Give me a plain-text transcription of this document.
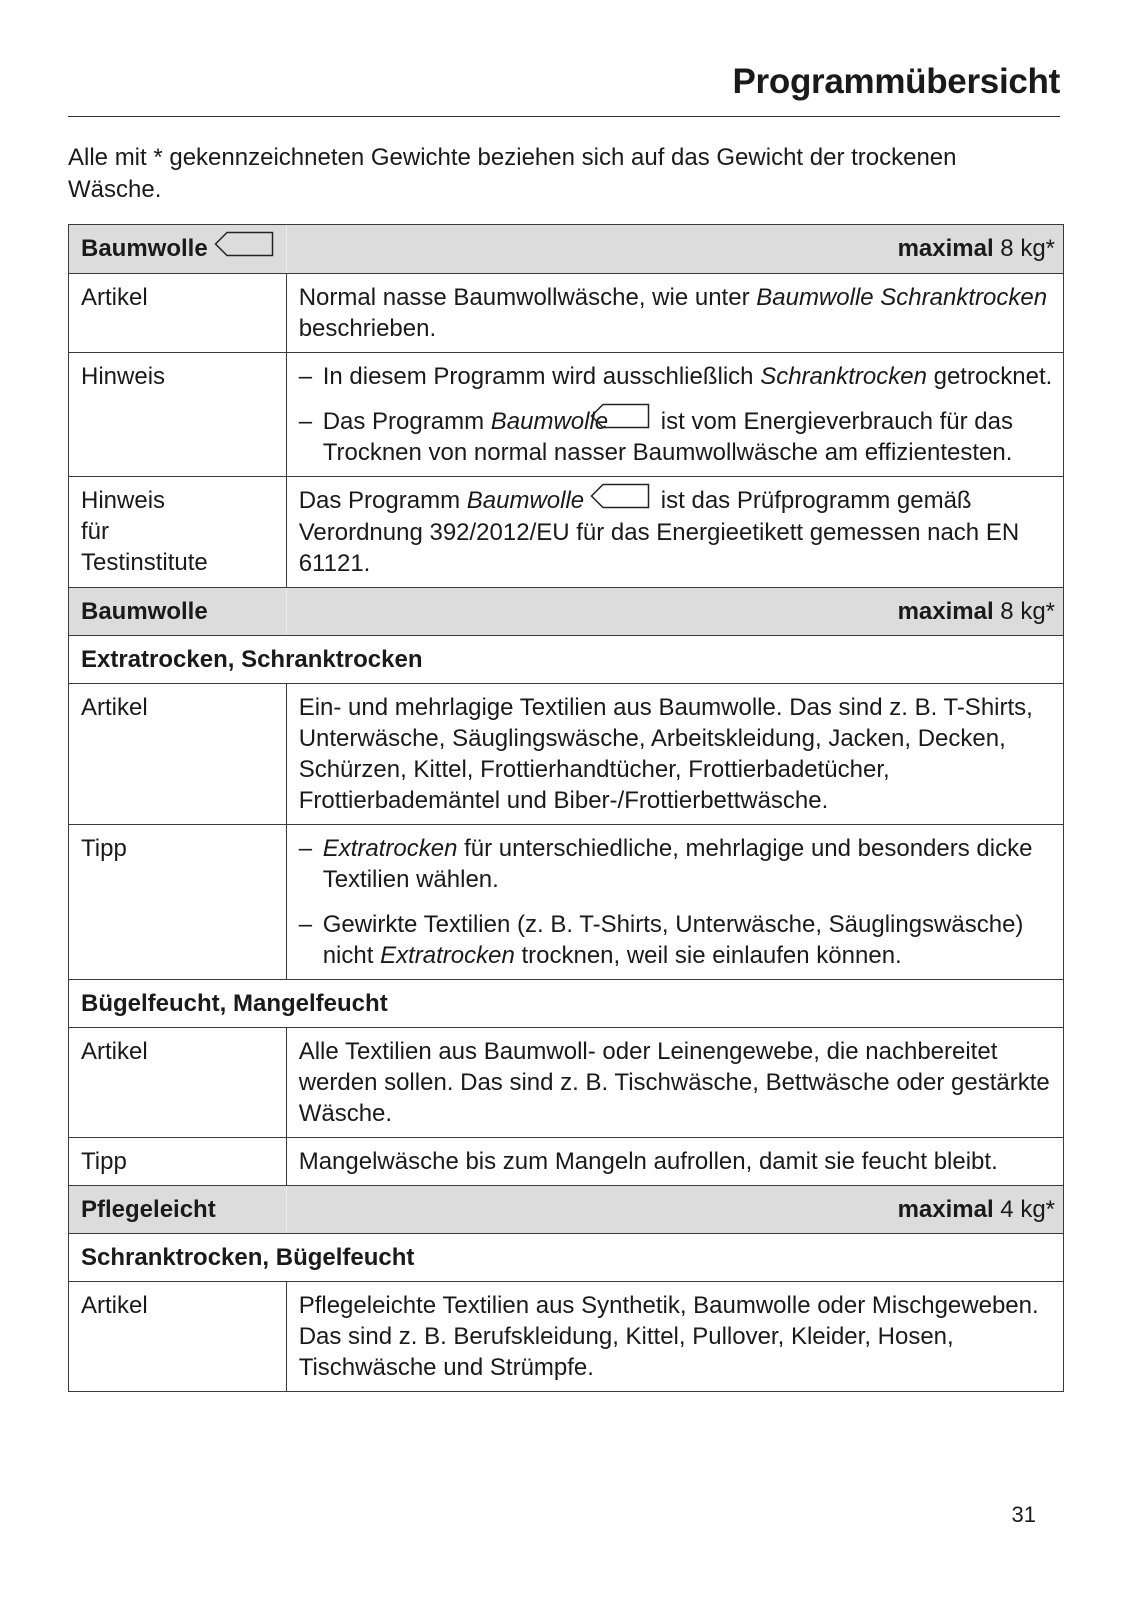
Programmübersicht

Alle mit * gekennzeichneten Gewichte beziehen sich auf das Gewicht der trockenen Wäsche.

Baumwolle	maximal 8 kg*
Artikel	Normal nasse Baumwollwäsche, wie unter Baumwolle Schranktrocken beschrieben.
Hinweis	– In diesem Programm wird ausschließlich Schranktrocken getrocknet.
– Das Programm Baumwolle ist vom Energieverbrauch für das Trocknen von normal nasser Baumwollwäsche am effizientesten.

Hinweis für Testinstitute	Das Programm Baumwolle ist das Prüfprogramm gemäß Verordnung 392/2012/EU für das Energieetikett gemessen nach EN 61121.
Baumwolle	maximal 8 kg*
Extratrocken, Schranktrocken	
Artikel	Ein- und mehrlagige Textilien aus Baumwolle. Das sind z. B. T-Shirts, Unterwäsche, Säuglingswäsche, Arbeitskleidung, Jacken, Decken, Schürzen, Kittel, Frottierhandtücher, Frottierbadetücher, Frottierbademäntel und Biber-/Frottierbettwäsche.
Tipp	– Extratrocken für unterschiedliche, mehrlagige und besonders dicke Textilien wählen.
– Gewirkte Textilien (z. B. T-Shirts, Unterwäsche, Säuglingswäsche) nicht Extratrocken trocknen, weil sie einlaufen können.

Bügelfeucht, Mangelfeucht	
Artikel	Alle Textilien aus Baumwoll- oder Leinengewebe, die nachbereitet werden sollen. Das sind z. B. Tischwäsche, Bettwäsche oder gestärkte Wäsche.
Tipp	Mangelwäsche bis zum Mangeln aufrollen, damit sie feucht bleibt.
Pflegeleicht	maximal 4 kg*
Schranktrocken, Bügelfeucht	
Artikel	Pflegeleichte Textilien aus Synthetik, Baumwolle oder Mischgeweben. Das sind z. B. Berufskleidung, Kittel, Pullover, Kleider, Hosen, Tischwäsche und Strümpfe.
31
